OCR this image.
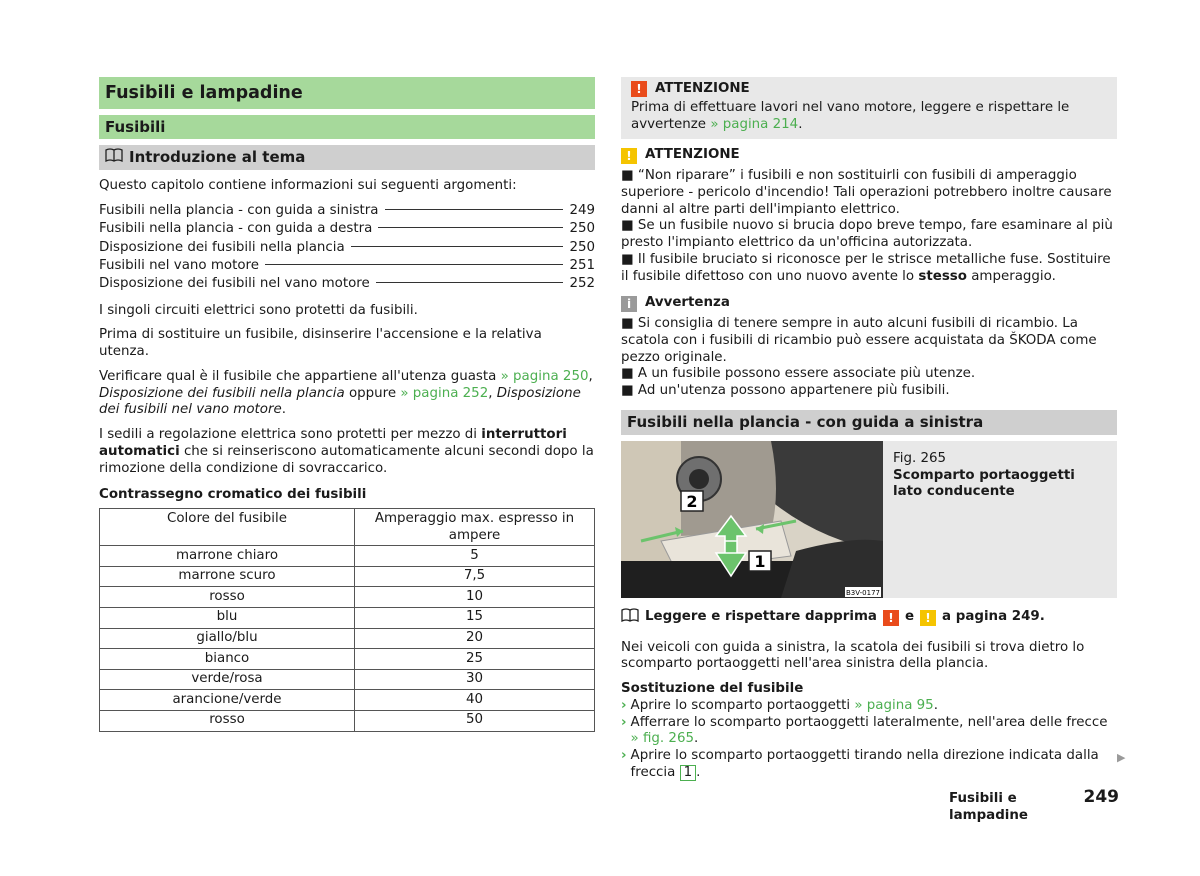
Fusibili e lampadine
Fusibili
Introduzione al tema

Questo capitolo contiene informazioni sui seguenti argomenti:

Fusibili nella plancia - con guida a sinistra	249
Fusibili nella plancia - con guida a destra	250
Disposizione dei fusibili nella plancia	250
Fusibili nel vano motore	251
Disposizione dei fusibili nel vano motore	252

I singoli circuiti elettrici sono protetti da fusibili.

Prima di sostituire un fusibile, disinserire l'accensione e la relativa utenza.

Verificare qual è il fusibile che appartiene all'utenza guasta » pagina 250, Disposizione dei fusibili nella plancia oppure » pagina 252, Disposizione dei fusibili nel vano motore.

I sedili a regolazione elettrica sono protetti per mezzo di interruttori automatici che si reinseriscono automaticamente alcuni secondi dopo la rimozione della condizione di sovraccarico.

Contrassegno cromatico dei fusibili
Colore del fusibile	Amperaggio max. espresso in ampere
marrone chiaro	5
marrone scuro	7,5
rosso	10
blu	15
giallo/blu	20
bianco	25
verde/rosa	30
arancione/verde	40
rosso	50
! ATTENZIONE
Prima di effettuare lavori nel vano motore, leggere e rispettare le avvertenze » pagina 214.
! ATTENZIONE
■ “Non riparare” i fusibili e non sostituirli con fusibili di amperaggio superiore - pericolo d'incendio! Tali operazioni potrebbero inoltre causare danni al altre parti dell'impianto elettrico.
■ Se un fusibile nuovo si brucia dopo breve tempo, fare esaminare al più presto l'impianto elettrico da un'officina autorizzata.
■ Il fusibile bruciato si riconosce per le strisce metalliche fuse. Sostituire il fusibile difettoso con uno nuovo avente lo stesso amperaggio.
i	Avvertenza
■ Si consiglia di tenere sempre in auto alcuni fusibili di ricambio. La scatola con i fusibili di ricambio può essere acquistata da ŠKODA come pezzo originale.
■ A un fusibile possono essere associate più utenze.
■ Ad un'utenza possono appartenere più fusibili.
Fusibili nella plancia - con guida a sinistra
2
1
B3V-0177
Fig. 265
Scomparto portaoggetti lato conducente
Leggere e rispettare dapprima ! e ! a pagina 249.

Nei veicoli con guida a sinistra, la scatola dei fusibili si trova dietro lo scomparto portaoggetti nell'area sinistra della plancia.

Sostituzione del fusibile
› Aprire lo scomparto portaoggetti » pagina 95.
› Afferrare lo scomparto portaoggetti lateralmente, nell'area delle frecce » fig. 265.
› Aprire lo scomparto portaoggetti tirando nella direzione indicata dalla freccia 1 .
▶
Fusibili e lampadine
249
